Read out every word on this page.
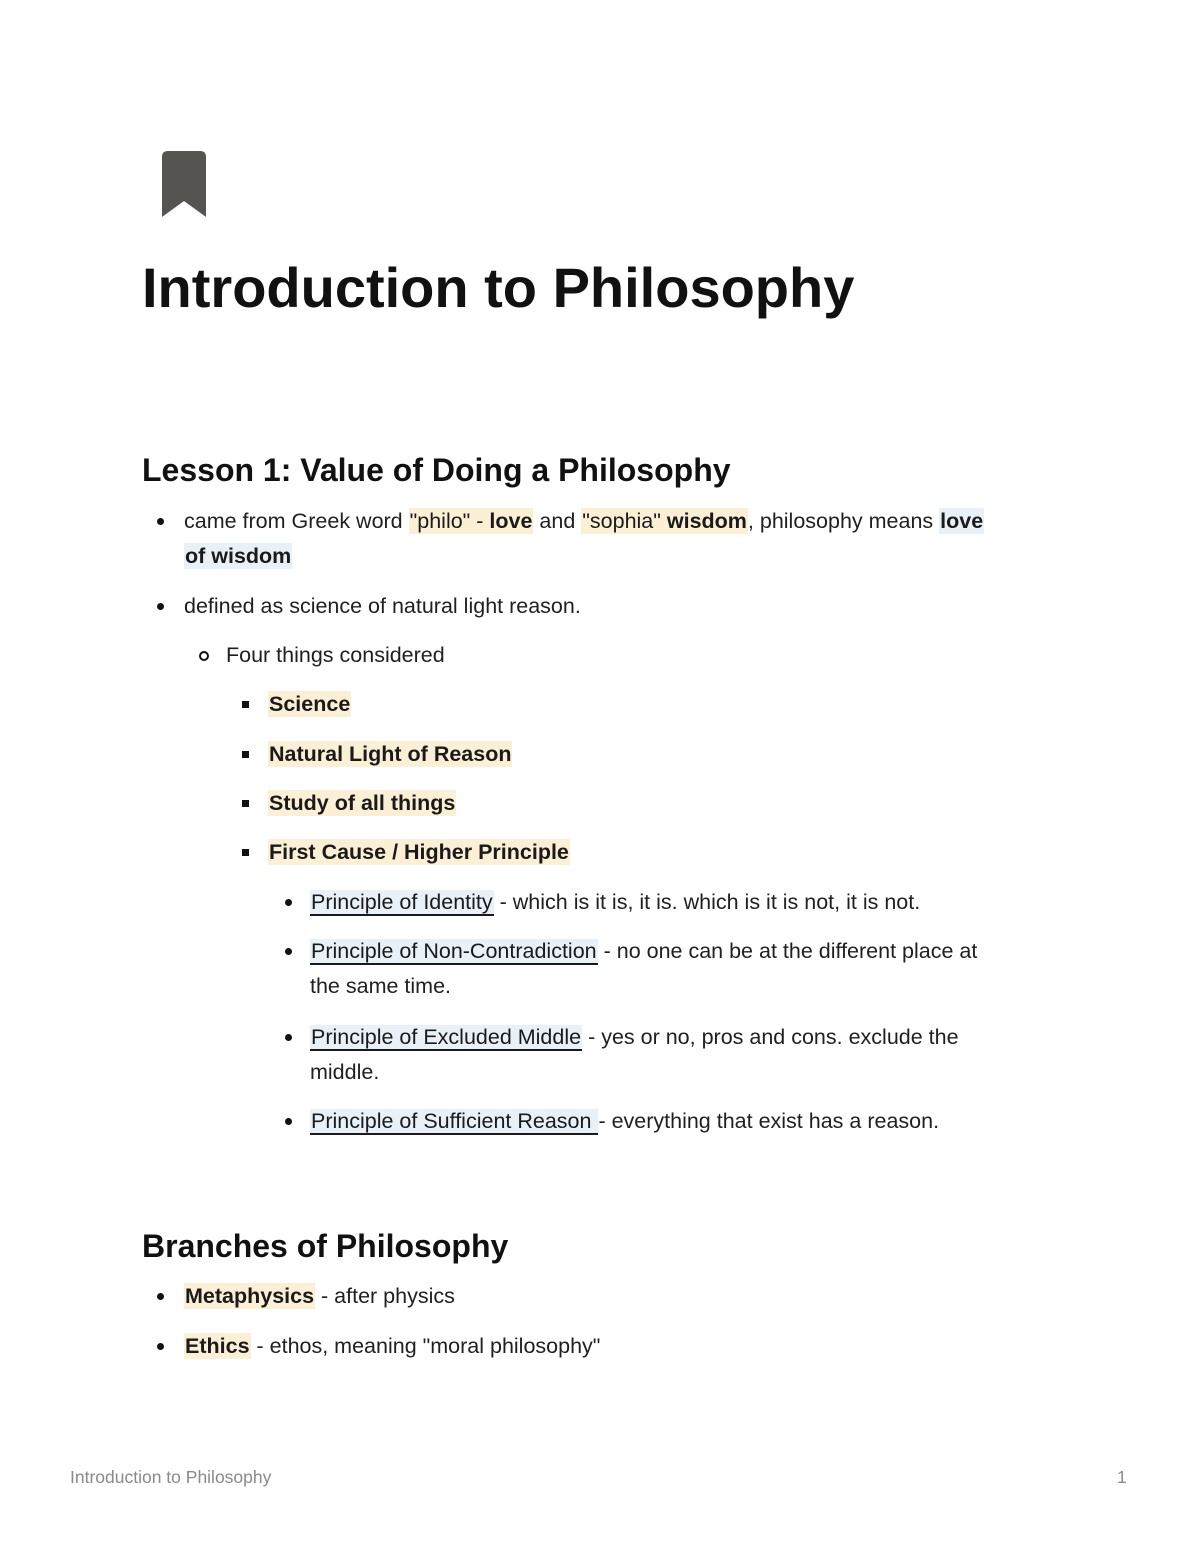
Introduction to Philosophy
Lesson 1: Value of Doing a Philosophy
came from Greek word "philo" - love and "sophia" wisdom, philosophy means love
of wisdom
defined as science of natural light reason.
Four things considered
Science
Natural Light of Reason
Study of all things
First Cause / Higher Principle
Principle of Identity - which is it is, it is. which is it is not, it is not.
Principle of Non-Contradiction - no one can be at the different place at
the same time.
Principle of Excluded Middle - yes or no, pros and cons. exclude the
middle.
Principle of Sufficient Reason - everything that exist has a reason.
Branches of Philosophy
Metaphysics - after physics
Ethics - ethos, meaning "moral philosophy"
Introduction to Philosophy	1
